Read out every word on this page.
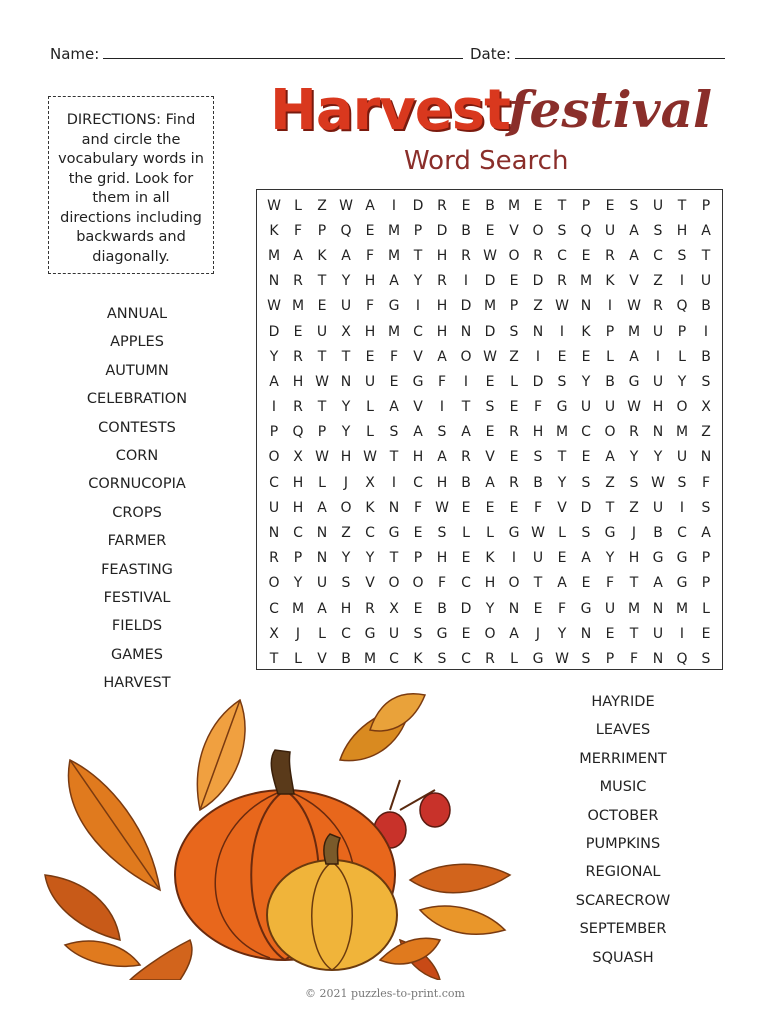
Name:	Date:
DIRECTIONS: Find and circle the vocabulary words in the grid. Look for them in all directions including backwards and diagonally.
Harvest
festival
Word Search
W L	Z W A	I	D R	E	B M E	T	P	E	S	U	T	P
K	F	P	Q	E M P	D B	E	V O	S	Q U	A	S	H A
M A	K	A	F M T	H R W O R	C	E	R	A	C	S	T
N R	T	Y	H A	Y	R	I	D	E	D R M K	V	Z	I	U
W M E	U	F	G	I	H D M P	Z W N	I	W R Q B
D	E	U	X H M C H N D	S	N	I	K	P M U	P	I
Y	R	T	T	E	F	V	A O W Z	I	E	E	L	A	I	L	B
A H W N U	E	G	F	I	E	L	D	S	Y	B G U	Y	S
I	R	T	Y	L	A	V	I	T	S	E	F	G U U W H O X
P	Q	P	Y	L	S	A	S	A	E	R H M C O R N M Z
O X W H W T	H A	R	V	E	S	T	E	A	Y	Y	U N
C H	L	J	X	I	C H B	A	R	B	Y	S	Z	S W S	F
U H A O K	N	F W E	E	E	F	V D	T	Z	U	I	S
N C N Z	C G	E	S	L	L	G W L	S	G	J	B	C	A
R	P	N	Y	Y	T	P	H	E	K	I	U	E	A	Y	H G G	P
O	Y	U	S	V O O	F	C H O	T	A	E	F	T	A G	P
C M A H R	X	E	B D	Y	N	E	F	G U M N M	L
X	J	L	C G U	S	G	E	O A	J	Y	N	E	T	U	I	E
T	L	V	B M C	K	S	C	R	L	G W S	P	F	N Q	S
ANNUAL
APPLES
AUTUMN
CELEBRATION
CONTESTS
CORN
CORNUCOPIA
CROPS
FARMER
FEASTING
FESTIVAL
FIELDS
GAMES
HARVEST
HAYRIDE
LEAVES
MERRIMENT
MUSIC
OCTOBER
PUMPKINS
REGIONAL
SCARECROW
SEPTEMBER
SQUASH
© 2021 puzzles-to-print.com
